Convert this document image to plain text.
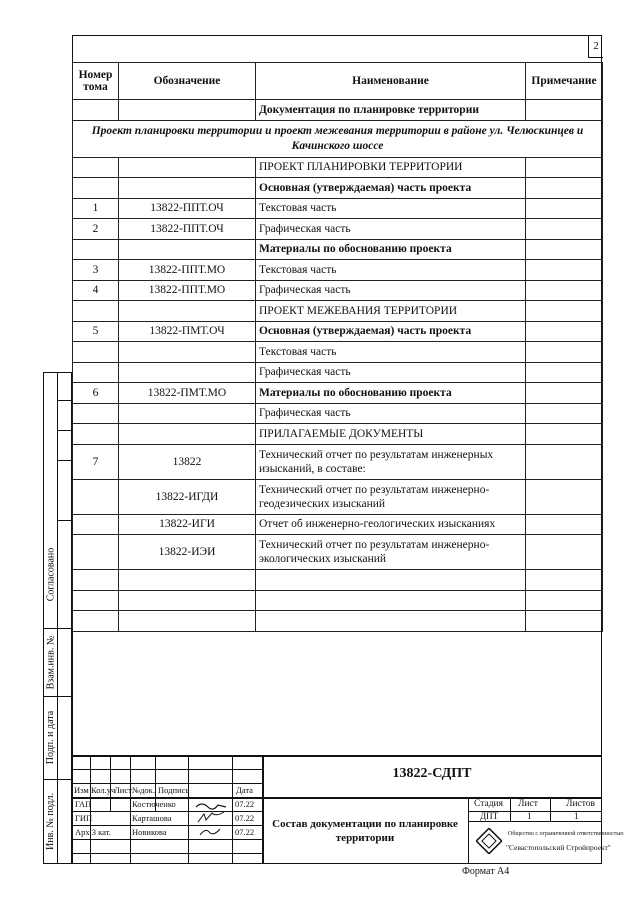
2
Номер тома	Обозначение	Наименование	Примечание
		Документация по планировке территории	
Проект планировки территории и проект межевания территории в районе ул. Челюскинцев и Качинского шоссе			
		ПРОЕКТ ПЛАНИРОВКИ ТЕРРИТОРИИ	
		Основная (утверждаемая) часть проекта	
1	13822-ППТ.ОЧ	Текстовая часть	
2	13822-ППТ.ОЧ	Графическая часть	
		Материалы по обоснованию проекта	
3	13822-ППТ.МО	Текстовая часть	
4	13822-ППТ.МО	Графическая часть	
		ПРОЕКТ МЕЖЕВАНИЯ ТЕРРИТОРИИ	
5	13822-ПМТ.ОЧ	Основная (утверждаемая) часть проекта	
		Текстовая часть	
		Графическая часть	
6	13822-ПМТ.МО	Материалы по обоснованию проекта	
		Графическая часть	
		ПРИЛАГАЕМЫЕ ДОКУМЕНТЫ	
7	13822	Технический отчет по результатам инженерных изысканий, в составе:	
	13822-ИГДИ	Технический отчет по результатам инженерно-геодезических изысканий	
	13822-ИГИ	Отчет об инженерно-геологических изысканиях	
	13822-ИЭИ	Технический отчет по результатам инженерно-экологических изысканий	

Согласовано
Взам.инв. №
Подп. и дата
Инв. № подл.
Изм Кол.уч
Лист №док. Подпись	Дата
ГАП	Костюченко	07.22
ГИП	Карташова	07.22
Арх.3 кат. Новикова	07.22
Стадия Лист	Листов
ДПТ	1	1
Общество с ограниченной ответственностью
"Севастопольский Стройпроект"
13822-СДПТ
Состав документации по планировке территории
Формат А4
